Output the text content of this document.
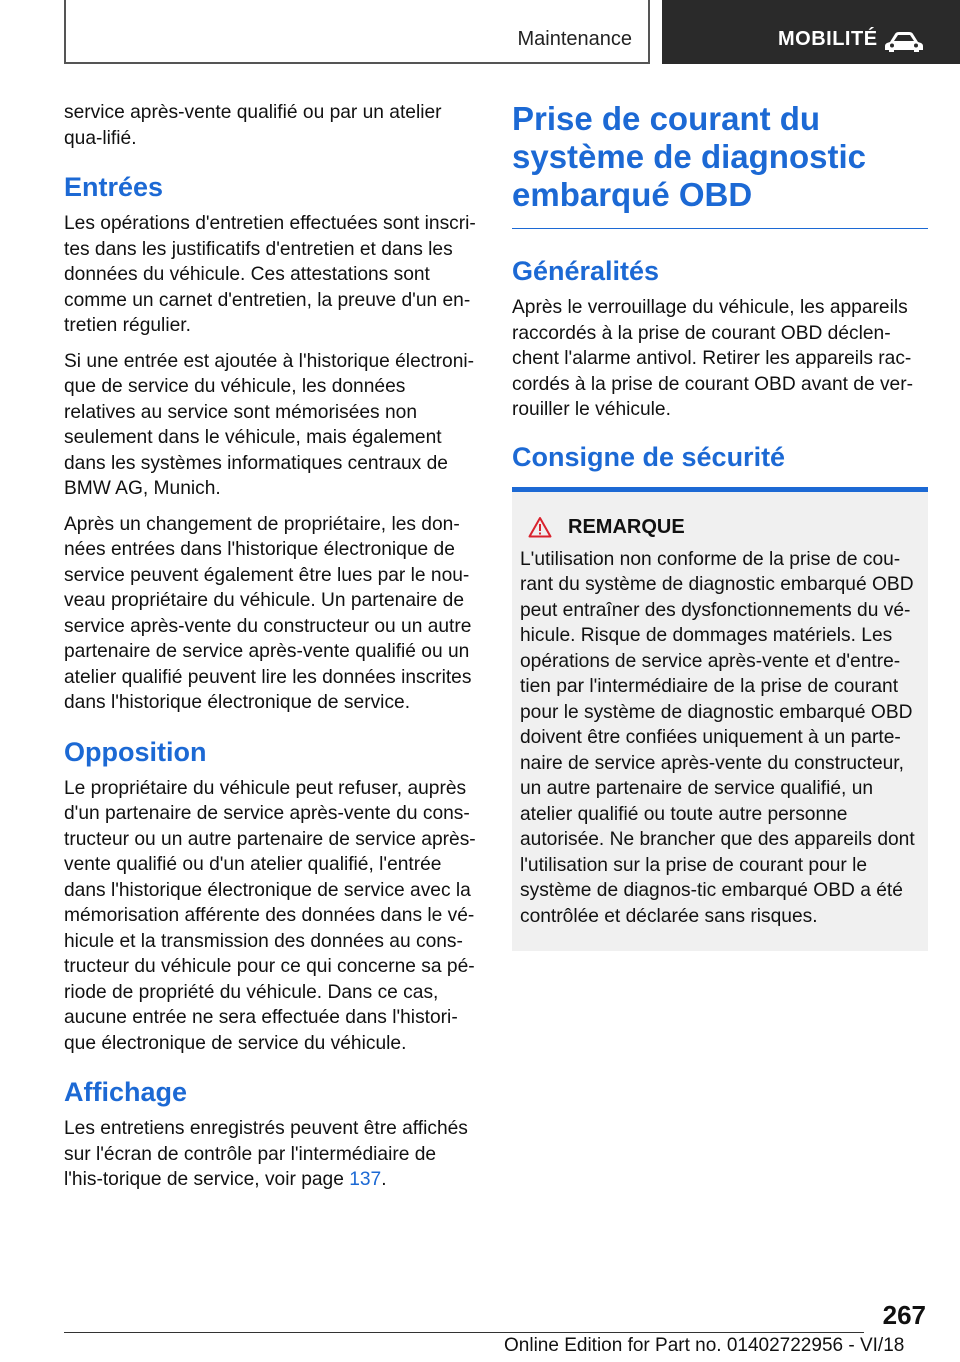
Maintenance	MOBILITÉ

service après-vente qualifié ou par un atelier qua-lifié.

Entrées

Les opérations d'entretien effectuées sont inscri-tes dans les justificatifs d'entretien et dans les données du véhicule. Ces attestations sont comme un carnet d'entretien, la preuve d'un en-tretien régulier.

Si une entrée est ajoutée à l'historique électroni-que de service du véhicule, les données relatives au service sont mémorisées non seulement dans le véhicule, mais également dans les systèmes informatiques centraux de BMW AG, Munich.

Après un changement de propriétaire, les don-nées entrées dans l'historique électronique de service peuvent également être lues par le nou-veau propriétaire du véhicule. Un partenaire de service après-vente du constructeur ou un autre partenaire de service après-vente qualifié ou un atelier qualifié peuvent lire les données inscrites dans l'historique électronique de service.

Opposition

Le propriétaire du véhicule peut refuser, auprès d'un partenaire de service après-vente du cons-tructeur ou un autre partenaire de service après-vente qualifié ou d'un atelier qualifié, l'entrée dans l'historique électronique de service avec la mémorisation afférente des données dans le vé-hicule et la transmission des données au cons-tructeur du véhicule pour ce qui concerne sa pé-riode de propriété du véhicule. Dans ce cas, aucune entrée ne sera effectuée dans l'histori-que électronique de service du véhicule.

Affichage

Les entretiens enregistrés peuvent être affichés sur l'écran de contrôle par l'intermédiaire de l'his-torique de service, voir page 137.

Prise de courant du système de diagnostic embarqué OBD
Généralités

Après le verrouillage du véhicule, les appareils raccordés à la prise de courant OBD déclen-chent l'alarme antivol. Retirer les appareils rac-cordés à la prise de courant OBD avant de ver-rouiller le véhicule.

Consigne de sécurité
REMARQUE

L'utilisation non conforme de la prise de cou-rant du système de diagnostic embarqué OBD peut entraîner des dysfonctionnements du vé-hicule. Risque de dommages matériels. Les opérations de service après-vente et d'entre-tien par l'intermédiaire de la prise de courant pour le système de diagnostic embarqué OBD doivent être confiées uniquement à un parte-naire de service après-vente du constructeur, un autre partenaire de service qualifié, un atelier qualifié ou toute autre personne autorisée. Ne brancher que des appareils dont l'utilisation sur la prise de courant pour le système de diagnos-tic embarqué OBD a été contrôlée et déclarée sans risques.

267
Online Edition for Part no. 01402722956 - VI/18
